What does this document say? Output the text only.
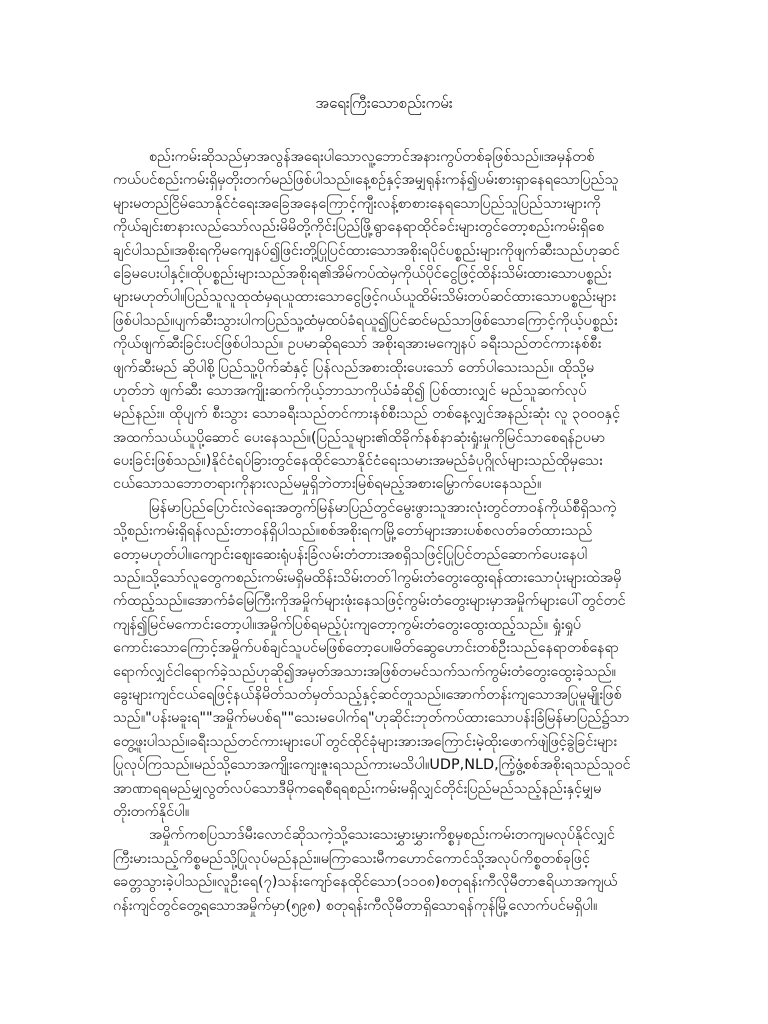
အရေးကြီးသောစည်းကမ်း
စည်းကမ်းဆိုသည်မှာအလွန်အရေးပါသောလူ့ဘောင်အနားကွပ်တစ်ခုဖြစ်သည်။အမှန်တစ်
ကယ်ပင်စည်းကမ်းရှိမှတိုးတက်မည်ဖြစ်ပါသည်။နေ့စဉ်နှင့်အမျှရုန်းကန်၍ပမ်းစားရှာနေရသောပြည်သူ
များမတည်ငြိမ်သောနိုင်ငံရေးအခြေအနေကြောင့်ကျီးလန့်စာစားနေရသောပြည်သူပြည်သားများကို
ကိုယ်ချင်းစာနားလည်သော်လည်းမိမိတို့ကိုင်းပြည်ဖြို့ရွာနေရာထိုင်ခင်းများတွင်တော့စည်းကမ်းရှိစေ
ချင်ပါသည်။အစိုးရကိုမကျေနပ်၍ဖြင်းတို့ပြုပြင်ထားသောအစိုးရပိုင်ပစ္စည်းများကိုဖျက်ဆီးသည်ဟုဆင်
ခြေမပေးပါနှင့်။ထိုပစ္စည်းများသည်အစိုးရ၏အိမ်ကပ်ထဲမှကိုယ်ပိုင်ငွေဖြင့်ထိန်းသိမ်းထားသောပစ္စည်း
များမဟုတ်ပါ။ပြည်သူလူထုထံမှရယူထားသောငွေဖြင့်ဂယ်ယူထိမ်းသိမ်းတပ်ဆင်ထားသောပစ္စည်းများ
ဖြစ်ပါသည်။ပျက်ဆီးသွားပါကပြည်သူ့ထံမှထပ်ခံရယူ၍ပြင်ဆင်မည်သာဖြစ်သောကြောင့်ကိုယ့်ပစ္စည်း
ကိုယ်ဖျက်ဆီးခြင်းပင်ဖြစ်ပါသည်။ ဥပမာဆိုရသော် အစိုးရအားမကျေနပ် ခရီးသည်တင်ကားနစ်စီး
ဖျက်ဆီးမည် ဆိုပါစို့ပြည်သူ့ပိုက်ဆံနှင့် ပြန်လည်အစားထိုးပေးသော် တော်ပါသေးသည်။ ထိုသို့မ
ဟုတ်ဘဲ ဖျက်ဆီး သောအကျိုးဆက်ကိုယ့်ဘာသာကိုယ်ခံဆို၍ ပြစ်ထားလျှင် မည်သူဆက်လုပ်
မည်နည်း။ ထိုပျက် စီးသွား သောခရီးသည်တင်ကားနစ်စီးသည် တစ်နေ့လျှင်အနည်းဆုံး လူ ၃၀၀၀နှင့်
အထက်သယ်ယူပို့ဆောင် ပေးနေသည်။(ပြည်သူများ၏ထိခိုက်နစ်နာဆုံးရှုံးမှုကိုမြင်သာစေရန်ဥပမာ
ပေးခြင်းဖြစ်သည်။)နိုင်ငံရပ်ခြားတွင်နေထိုင်သောနိုင်ငံရေးသမားအမည်ခံပုဂ္ဂိုလ်များသည်ထိုမှသေး
ငယ်သောသဘောတရားကိုနားလည်မမှုရှိဘဲတားမြစ်ရမည့်အစားမြှောက်ပေးနေသည်။
မြန်မာပြည်ပြောင်းလဲရေးအတွက်မြန်မာပြည်တွင်မွေးဖွားသူအားလုံးတွင်တာဝန်ကိုယ်စီရှိသကဲ့
သို့စည်းကမ်းရှိရန်လည်းတာဝန်ရှိပါသည်။စစ်အစိုးရကမြို့တော်များအားပစ်စလတ်ခတ်ထားသည်
တော့မဟုတ်ပါ။ကျောင်းဈေးဆေးရုံပန်းခြံလမ်းတံတားအစရှိသဖြင့်ပြုပြင်တည်ဆောက်ပေးနေပါ
သည်။သို့သော်လူတွေကစည်းကမ်းမရှိမထိန်းသိမ်းတတ်ါကွမ်းတံတွေးထွေးရန်ထားသောပုံးများထဲအမှိ
က်ထည့်သည်။အောက်ခံမြေကြီးကိုအမှိုက်များဖုံးနေသဖြင့်ကွမ်းတံတွေးများမှာအမှိုက်များပေါ်တွင်တင်
ကျန်၍မြင်မကောင်းတော့ပါ။အမှိုက်ပြစ်ရမည့်ပုံးကျတော့ကွမ်းတံတွေးထွေးထည့်သည်။ ရှုံးရှုပ်
ကောင်းသောကြောင့်အမှိုက်ပစ်ချင်သူပင်မဖြစ်တော့ပေ။မိတ်ဆွေဟောင်းတစ်ဦးသည်နေရာတစ်နေရာ
ရောက်လျှင်ငါရောက်ခဲ့သည်ဟုဆို၍အမှတ်အသားအဖြစ်တမင်သက်သက်ကွမ်းတံတွေးထွေးခဲ့သည်။
ခွေးများကျင်ငယ်ရေဖြင့်နယ်နိမိတ်သတ်မှတ်သည့်နှင့်ဆင်တူသည်။အောက်တန်းကျသောအပြုမူမျိုးဖြစ်
သည်။"ပန်းမခူးရ""အမှိုက်မပစ်ရ""သေးမပေါက်ရ"ဟုဆိုင်းဘုတ်ကပ်ထားသောပန်းခြံမြန်မာပြည်၌သာ
တွေ့ဖူးပါသည်။ခရီးသည်တင်ကားများပေါ်တွင်ထိုင်ခုံများအားအကြောင်းမဲ့ထိုးဖောက်ဖျဲဖြင့်ခွဲခြင်းများ
ပြုလုပ်ကြသည်။မည်သို့သောအကျိုးကျေးဇူးရသည်ကားမသိပါ။UDP,NLD,ကြံ့ဖွံ့စစ်အစိုးရသည်သူဝင်
အာဏာရရမည်မျှလွတ်လပ်သောဒီမိုကရေစီရရစည်းကမ်းမရှိလျှင်တိုင်းပြည်မည်သည့်နည်းနှင့်မျှမ
တိုးတက်နိုင်ပါ။
အမှိုက်ကစပြသာဒ်မီးလောင်ဆိုသကဲ့သို့သေးသေးမွှားမွှားကိစ္စမှစည်းကမ်းတကျမလုပ်နိုင်လျှင်
ကြီးမားသည့်ကိစ္စမည်သို့ပြုလုပ်မည်နည်း။မကြာသေးမီကဟောင်ကောင်သို့အလုပ်ကိစ္စတစ်ခုဖြင့်
ခေတ္တသွားခဲ့ပါသည်။လူဦးရေ(၇)သန်းကျော်နေထိုင်သော(၁၁၀၈)စတုရန်းကီလိုမီတာဧရိယာအကျယ်
ဂန်းကျင်တွင်တွေ့ရသောအမှိုက်မှာ(၅၉၈) စတုရန်းကီလိုမီတာရှိသောရန်ကုန်မြို့လောက်ပင်မရှိပါ။
